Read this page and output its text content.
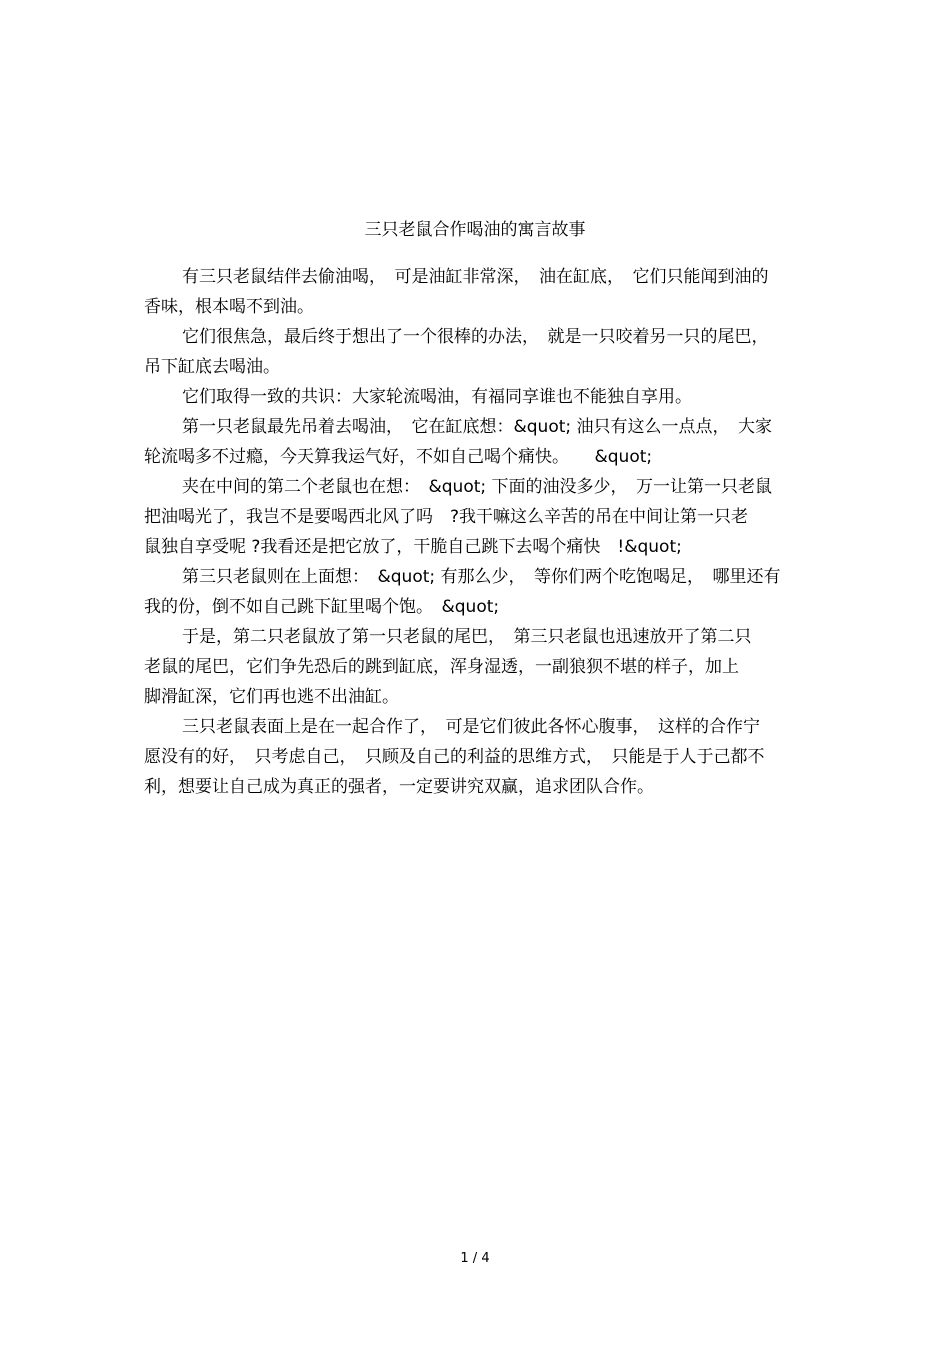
三只老鼠合作喝油的寓言故事
有三只老鼠结伴去偷油喝，　可是油缸非常深，　油在缸底，　它们只能闻到油的
香味，根本喝不到油。
它们很焦急，最后终于想出了一个很棒的办法，　就是一只咬着另一只的尾巴，
吊下缸底去喝油。
它们取得一致的共识：大家轮流喝油，有福同享谁也不能独自享用。
第一只老鼠最先吊着去喝油，　它在缸底想：&quot; 油只有这么一点点，　大家
轮流喝多不过瘾，今天算我运气好，不如自己喝个痛快。　　&quot;
夹在中间的第二个老鼠也在想：　&quot; 下面的油没多少，　万一让第一只老鼠
把油喝光了，我岂不是要喝西北风了吗　?我干嘛这么辛苦的吊在中间让第一只老
鼠独自享受呢 ?我看还是把它放了，干脆自己跳下去喝个痛快　!&quot;
第三只老鼠则在上面想：　&quot; 有那么少，　等你们两个吃饱喝足，　哪里还有
我的份，倒不如自己跳下缸里喝个饱。　&quot;
于是，第二只老鼠放了第一只老鼠的尾巴，　第三只老鼠也迅速放开了第二只
老鼠的尾巴，它们争先恐后的跳到缸底，浑身湿透，一副狼狈不堪的样子，加上
脚滑缸深，它们再也逃不出油缸。
三只老鼠表面上是在一起合作了，　可是它们彼此各怀心腹事，　这样的合作宁
愿没有的好，　只考虑自己，　只顾及自己的利益的思维方式，　只能是于人于己都不
利，想要让自己成为真正的强者，一定要讲究双赢，追求团队合作。
1 / 4
